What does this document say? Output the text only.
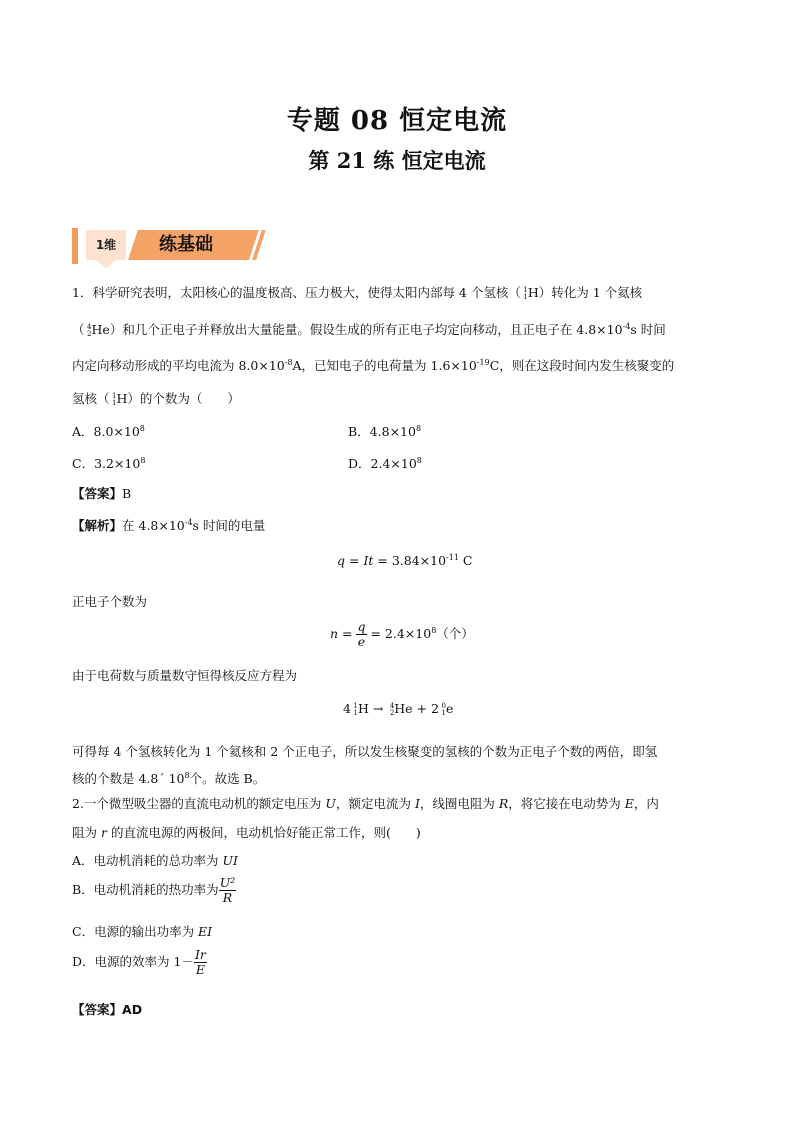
专题 08 恒定电流
第 21 练 恒定电流
1维	练基础
1．科学研究表明，太阳核心的温度极高、压力极大，使得太阳内部每 4 个氢核（ 1
1 H）转化为 1 个氦核
（ 4
2 He）和几个正电子并释放出大量能量。假设生成的所有正电子均定向移动，且正电子在 $4.8\times 10^{-4}s$ 时间
内定向移动形成的平均电流为 $8.0\times 10^{-8}A$，已知电子的电荷量为 $1.6\times 10^{-19}C$，则在这段时间内发生核聚变的
氢核（ 1
1 H）的个数为（　　）
A．$8.0\times 10^8$	B．$4.8\times 10^8$
C．$3.2\times 10^8$	D．$2.4\times 10^8$
【答案】B
【解析】在 $4.8\times 10^{-4}s$ 时间的电量
$q = It = 3.84\times 10^{-11}$ C
正电子个数为
$n = \frac{q}{e} = 2.4\times 10^8$（个）
由于电荷数与质量数守恒得核反应方程为
4 1
1 H → 4
2 He + 2 0
1 e
可得每 4 个氢核转化为 1 个氦核和 2 个正电子，所以发生核聚变的氢核的个数为正电子个数的两倍，即氢
核的个数是 4.8´ $10^8$个。故选 B。
2.一个微型吸尘器的直流电动机的额定电压为 U，额定电流为 I，线圈电阻为 R，将它接在电动势为 E，内
阻为 r 的直流电源的两极间，电动机恰好能正常工作，则(　　)
A．电动机消耗的总功率为 UI
B．电动机消耗的热功率为 $\frac{\text{U²}}{R}$
C．电源的输出功率为 EI
D．电源的效率为 $1- \frac{Ir}{E}$
【答案】AD
